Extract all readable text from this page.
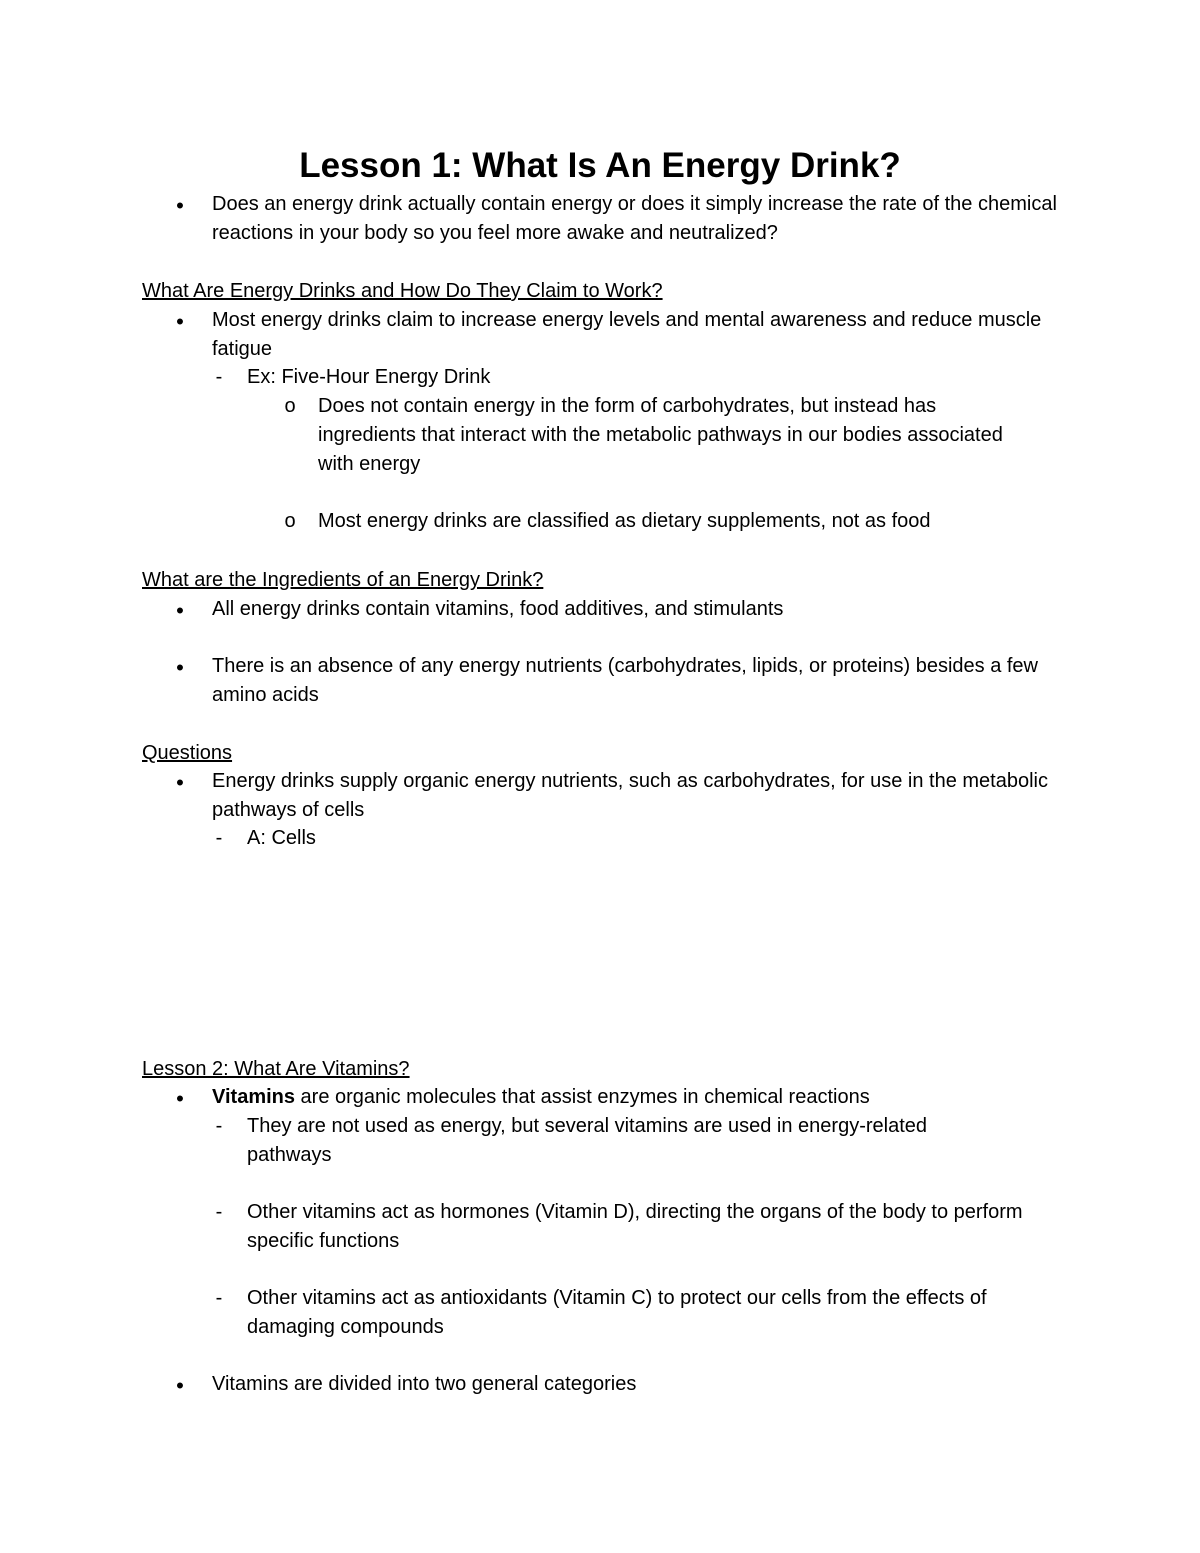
Lesson 1: What Is An Energy Drink?
•	Does an energy drink actually contain energy or does it simply increase the rate of the chemical reactions in your body so you feel more awake and neutralized?
What Are Energy Drinks and How Do They Claim to Work?
•	Most energy drinks claim to increase energy levels and mental awareness and reduce muscle fatigue
- Ex: Five-Hour Energy Drink
o Does not contain energy in the form of carbohydrates, but instead has ingredients that interact with the metabolic pathways in our bodies associated with energy
o Most energy drinks are classified as dietary supplements, not as food
What are the Ingredients of an Energy Drink?
•	All energy drinks contain vitamins, food additives, and stimulants
•	There is an absence of any energy nutrients (carbohydrates, lipids, or proteins) besides a few amino acids
Questions
•	Energy drinks supply organic energy nutrients, such as carbohydrates, for use in the metabolic pathways of cells
- A: Cells
Lesson 2: What Are Vitamins?
•	Vitamins are organic molecules that assist enzymes in chemical reactions
- They are not used as energy, but several vitamins are used in energy-related pathways
- Other vitamins act as hormones (Vitamin D), directing the organs of the body to perform specific functions
- Other vitamins act as antioxidants (Vitamin C) to protect our cells from the effects of damaging compounds
•	Vitamins are divided into two general categories
